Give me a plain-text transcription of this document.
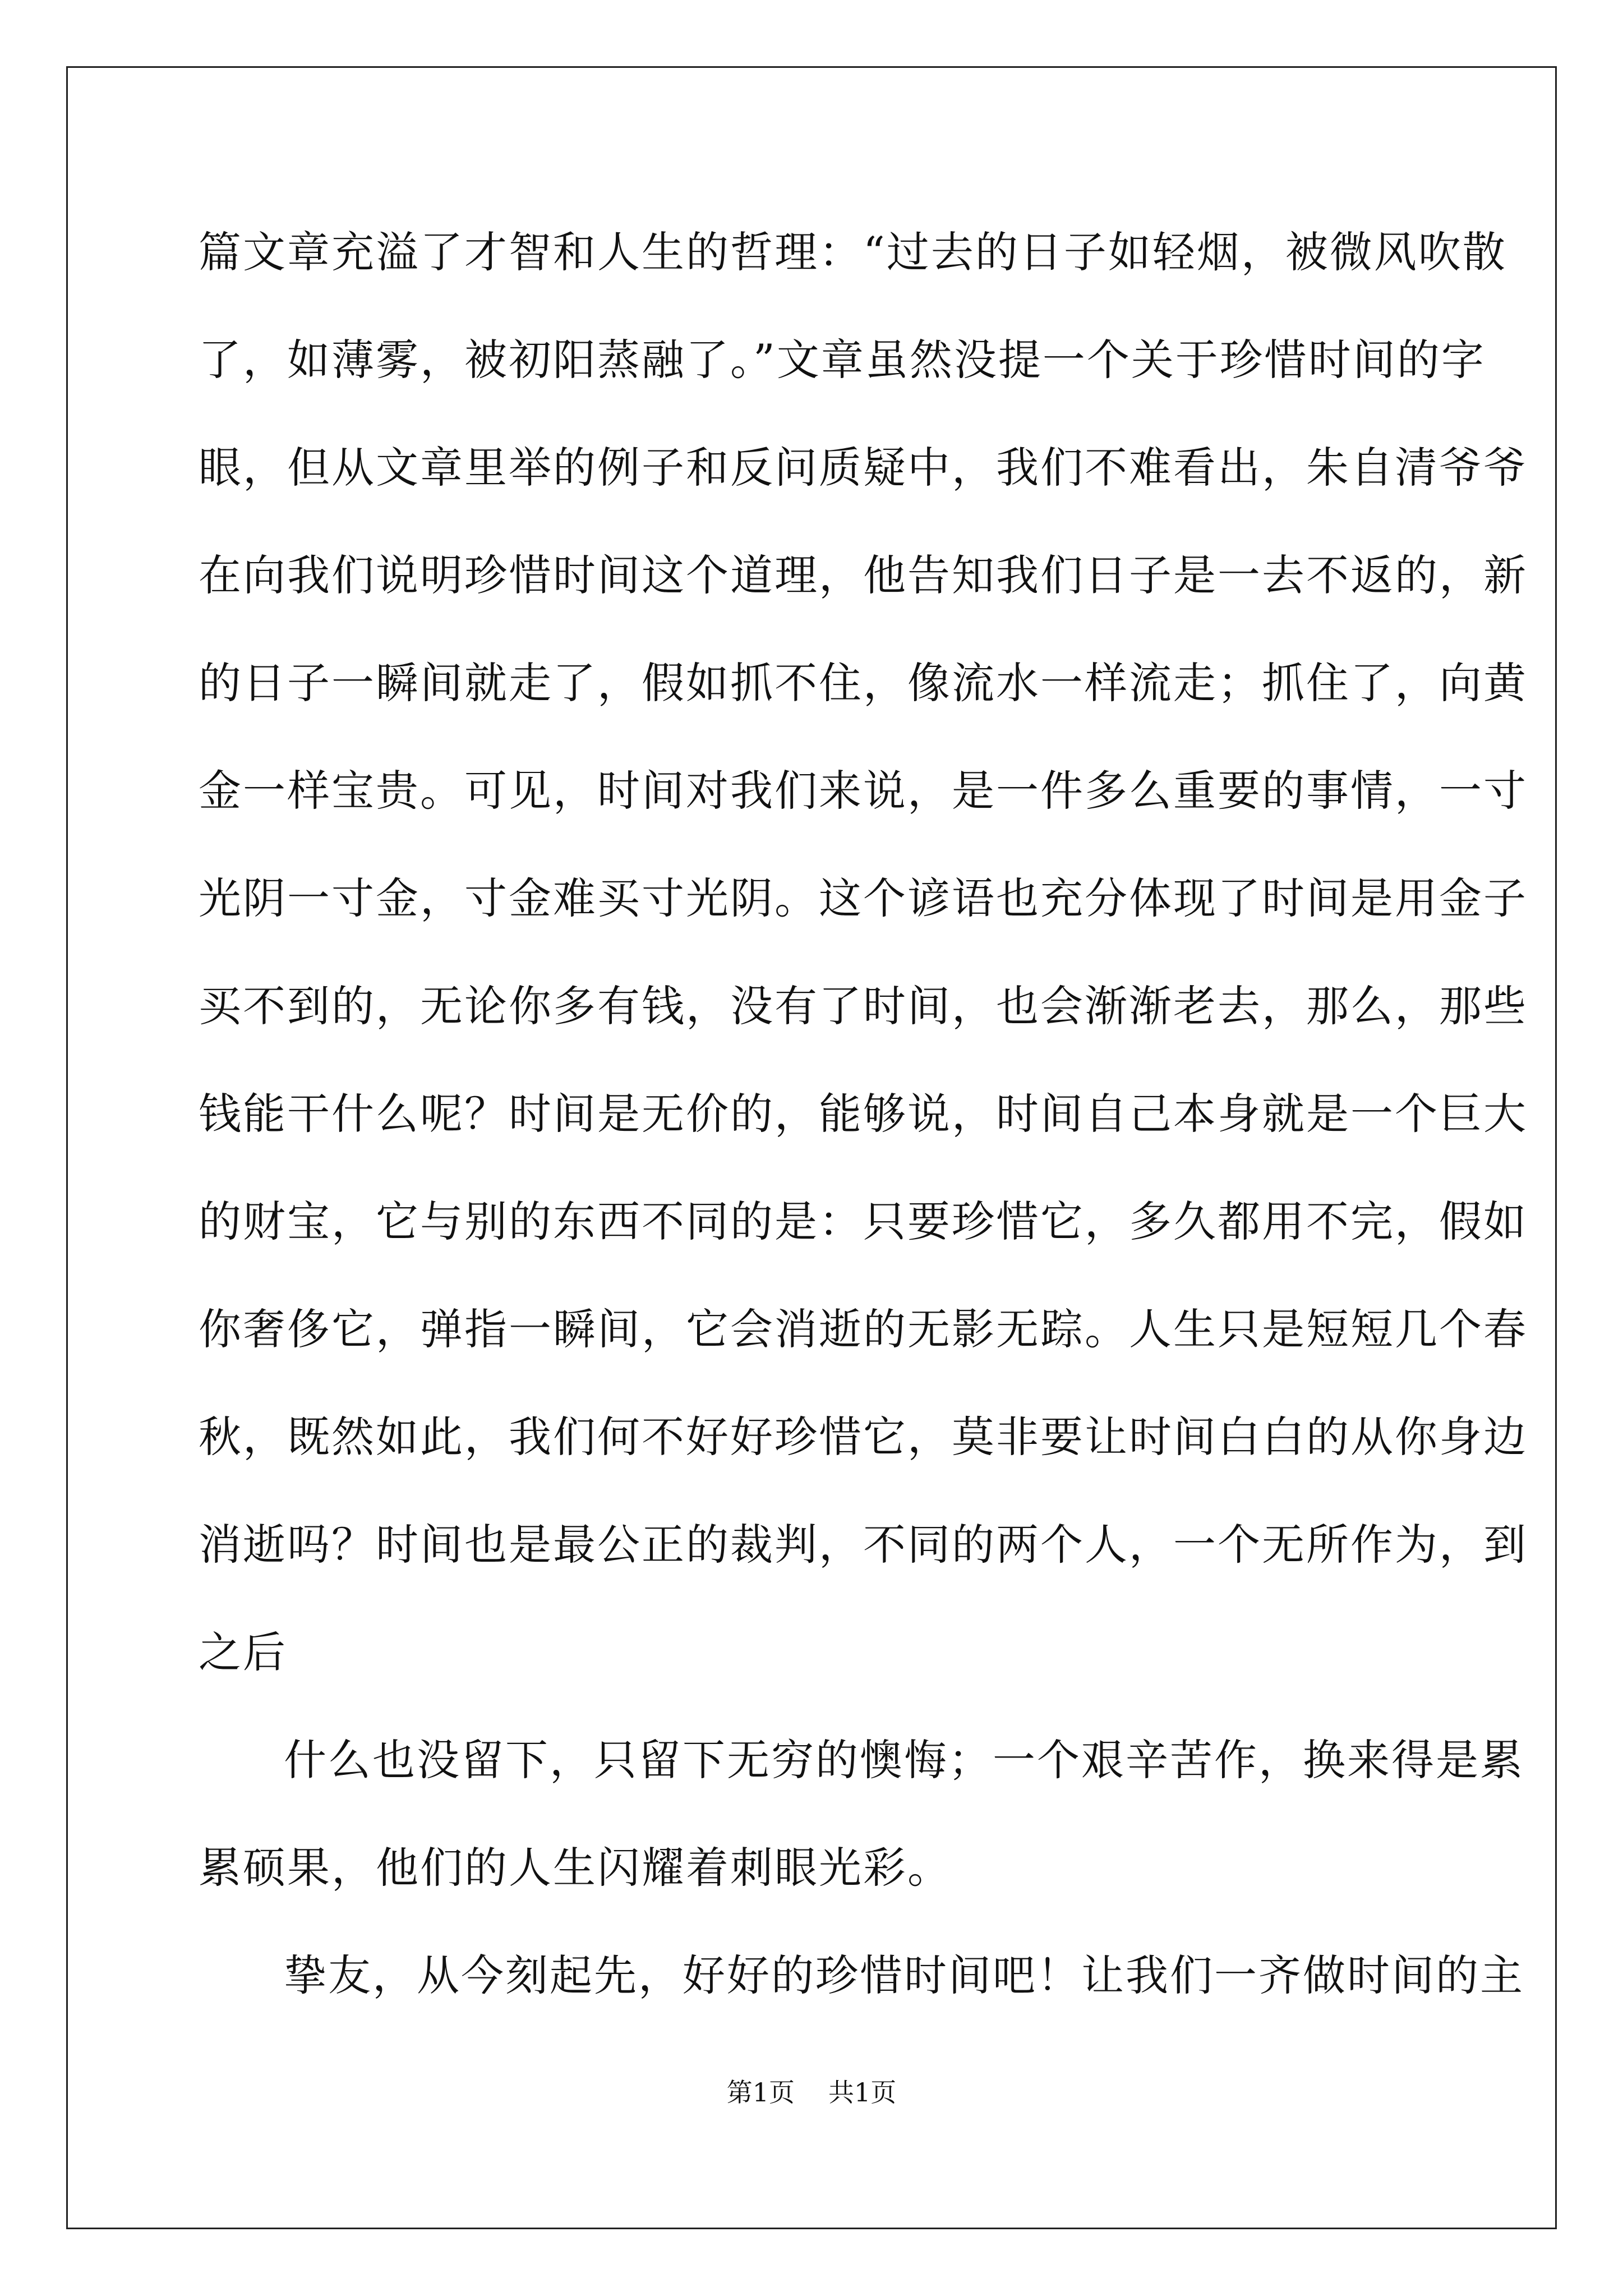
篇文章充溢了才智和人生的哲理：“过去的日子如轻烟，被微风吹散
了，如薄雾，被初阳蒸融了。”文章虽然没提一个关于珍惜时间的字
眼，但从文章里举的例子和反问质疑中，我们不难看出，朱自清爷爷
在向我们说明珍惜时间这个道理，他告知我们日子是一去不返的，新
的日子一瞬间就走了，假如抓不住，像流水一样流走；抓住了，向黄
金一样宝贵。可见，时间对我们来说，是一件多么重要的事情，一寸
光阴一寸金，寸金难买寸光阴。这个谚语也充分体现了时间是用金子
买不到的，无论你多有钱，没有了时间，也会渐渐老去，那么，那些
钱能干什么呢？时间是无价的，能够说，时间自己本身就是一个巨大
的财宝，它与别的东西不同的是：只要珍惜它，多久都用不完，假如
你奢侈它，弹指一瞬间，它会消逝的无影无踪。人生只是短短几个春
秋，既然如此，我们何不好好珍惜它，莫非要让时间白白的从你身边
消逝吗？时间也是最公正的裁判，不同的两个人，一个无所作为，到
之后
什么也没留下，只留下无穷的懊悔；一个艰辛苦作，换来得是累
累硕果，他们的人生闪耀着刺眼光彩。
挚友，从今刻起先，好好的珍惜时间吧！让我们一齐做时间的主
第1页 共1页
